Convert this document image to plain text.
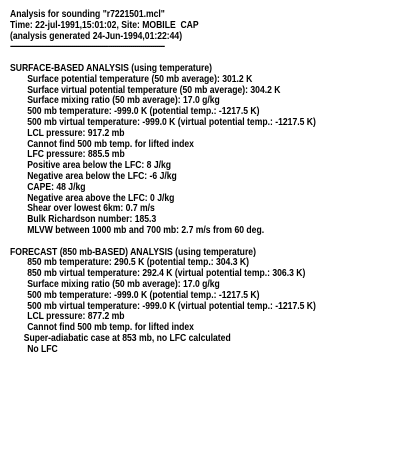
Analysis for sounding "r7221501.mcl"
Time: 22-jul-1991,15:01:02, Site: MOBILE  CAP
(analysis generated 24-Jun-1994,01:22:44)
-----------------------------------------------------------------------------
SURFACE-BASED ANALYSIS (using temperature)
Surface potential temperature (50 mb average): 301.2 K
Surface virtual potential temperature (50 mb average): 304.2 K
Surface mixing ratio (50 mb average): 17.0 g/kg
500 mb temperature: -999.0 K (potential temp.: -1217.5 K)
500 mb virtual temperature: -999.0 K (virtual potential temp.: -1217.5 K)
LCL pressure: 917.2 mb
Cannot find 500 mb temp. for lifted index
LFC pressure: 885.5 mb
Positive area below the LFC: 8 J/kg
Negative area below the LFC: -6 J/kg
CAPE: 48 J/kg
Negative area above the LFC: 0 J/kg
Shear over lowest 6km: 0.7 m/s
Bulk Richardson number: 185.3
MLVW between 1000 mb and 700 mb: 2.7 m/s from 60 deg.
FORECAST (850 mb-BASED) ANALYSIS (using temperature)
850 mb temperature: 290.5 K (potential temp.: 304.3 K)
850 mb virtual temperature: 292.4 K (virtual potential temp.: 306.3 K)
Surface mixing ratio (50 mb average): 17.0 g/kg
500 mb temperature: -999.0 K (potential temp.: -1217.5 K)
500 mb virtual temperature: -999.0 K (virtual potential temp.: -1217.5 K)
LCL pressure: 877.2 mb
Cannot find 500 mb temp. for lifted index
Super-adiabatic case at 853 mb, no LFC calculated
No LFC
